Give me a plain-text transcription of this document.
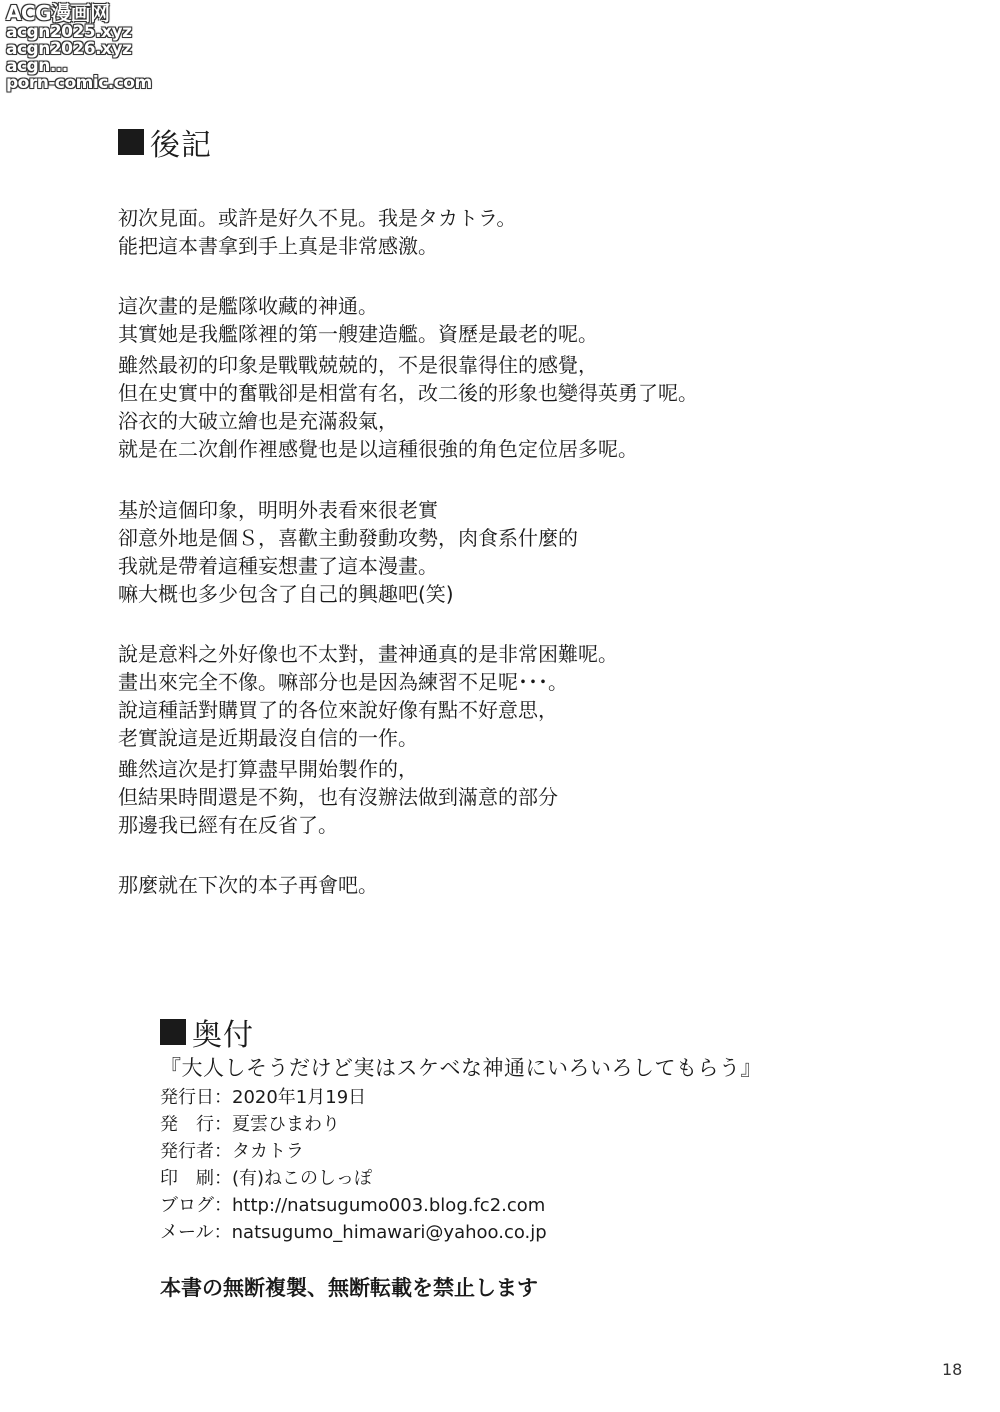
ACG漫画网
acgn2025.xyz
acgn2026.xyz
acgn...
porn-comic.com
後記

初次見面。或許是好久不見。我是タカトラ。
能把這本書拿到手上真是非常感激。

這次畫的是艦隊收藏的神通。
其實她是我艦隊裡的第一艘建造艦。資歷是最老的呢。

雖然最初的印象是戰戰兢兢的，不是很靠得住的感覺，
但在史實中的奮戰卻是相當有名，改二後的形象也變得英勇了呢。
浴衣的大破立繪也是充滿殺氣，
就是在二次創作裡感覺也是以這種很強的角色定位居多呢。

基於這個印象，明明外表看來很老實
卻意外地是個Ｓ，喜歡主動發動攻勢，肉食系什麼的
我就是帶着這種妄想畫了這本漫畫。
嘛大概也多少包含了自己的興趣吧(笑)

說是意料之外好像也不太對，畫神通真的是非常困難呢。
畫出來完全不像。嘛部分也是因為練習不足呢･･･。
說這種話對購買了的各位來說好像有點不好意思，
老實說這是近期最沒自信的一作。

雖然這次是打算盡早開始製作的，
但結果時間還是不夠，也有沒辦法做到滿意的部分
那邊我已經有在反省了。

那麼就在下次的本子再會吧。

奥付
『大人しそうだけど実はスケベな神通にいろいろしてもらう』
発行日： 2020年1月19日
発　行： 夏雲ひまわり
発行者： タカトラ
印　刷： (有)ねこのしっぽ
ブログ： http://natsugumo003.blog.fc2.com
メール： natsugumo_himawari@yahoo.co.jp
本書の無断複製、無断転載を禁止します
18
